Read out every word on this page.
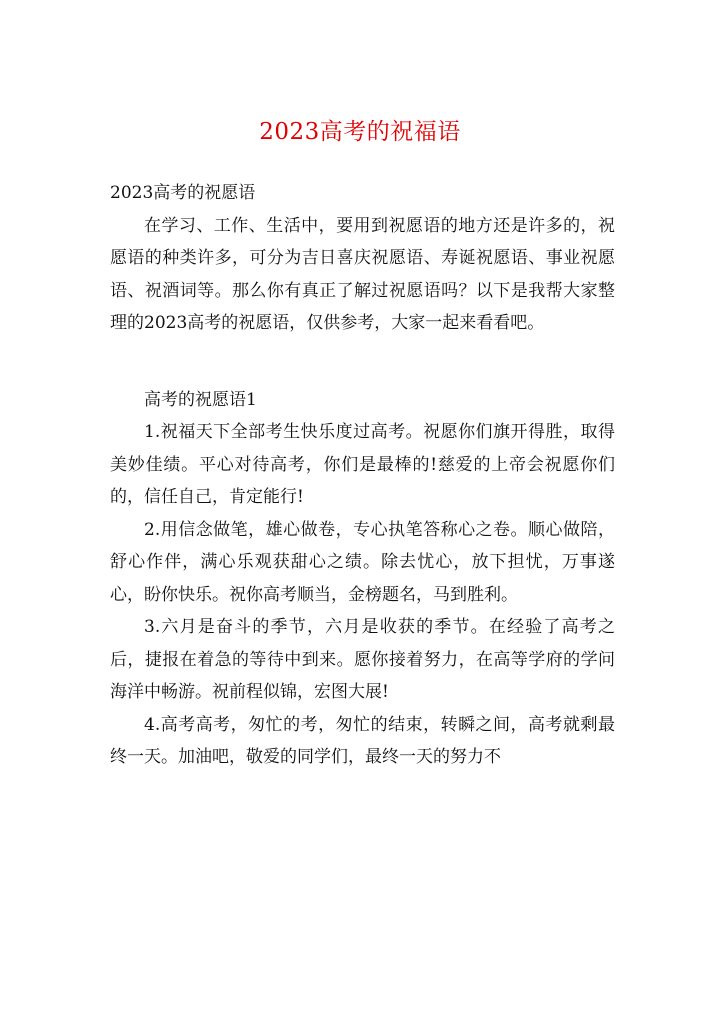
2023高考的祝福语

2023高考的祝愿语

在学习、工作、生活中，要用到祝愿语的地方还是许多的，祝愿语的种类许多，可分为吉日喜庆祝愿语、寿诞祝愿语、事业祝愿语、祝酒词等。那么你有真正了解过祝愿语吗？以下是我帮大家整理的2023高考的祝愿语，仅供参考，大家一起来看看吧。

高考的祝愿语1

1.祝福天下全部考生快乐度过高考。祝愿你们旗开得胜，取得美妙佳绩。平心对待高考，你们是最棒的!慈爱的上帝会祝愿你们的，信任自己，肯定能行!

2.用信念做笔，雄心做卷，专心执笔答称心之卷。顺心做陪，舒心作伴，满心乐观获甜心之绩。除去忧心，放下担忧，万事遂心，盼你快乐。祝你高考顺当，金榜题名，马到胜利。

3.六月是奋斗的季节，六月是收获的季节。在经验了高考之后，捷报在着急的等待中到来。愿你接着努力，在高等学府的学问海洋中畅游。祝前程似锦，宏图大展!

4.高考高考，匆忙的考，匆忙的结束，转瞬之间，高考就剩最终一天。加油吧，敬爱的同学们，最终一天的努力不
